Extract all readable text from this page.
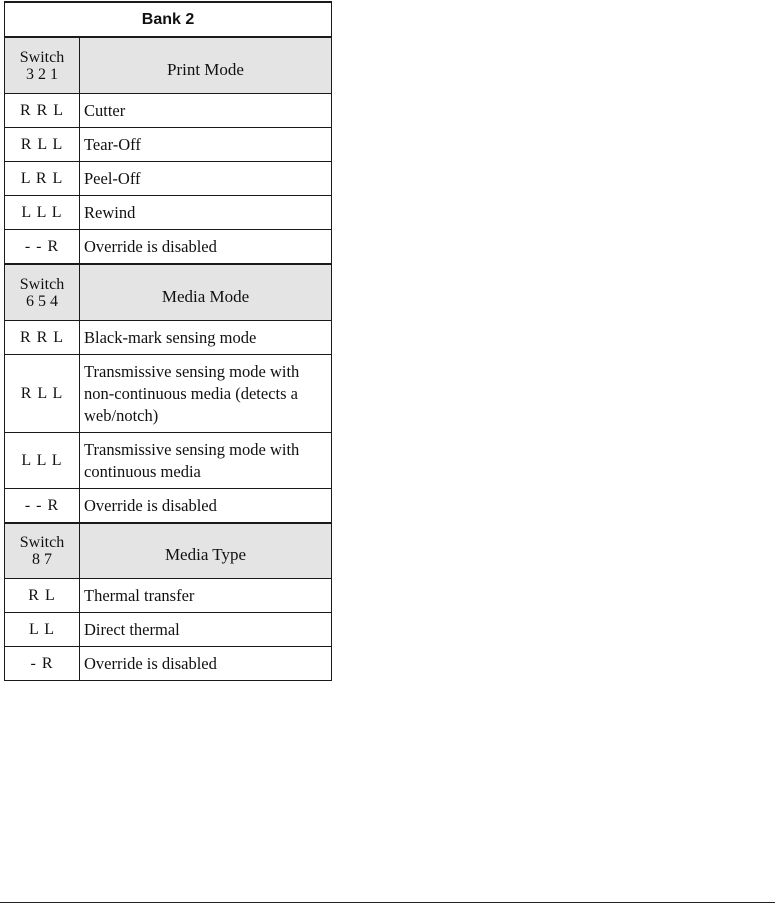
Bank 2	

Switch
3 2 1	Print Mode
R R L	Cutter
R L L	Tear-Off
L R L	Peel-Off
L L L	Rewind
- - R	Override is disabled

Switch
6 5 4	Media Mode
R R L	Black-mark sensing mode
R L L	Transmissive sensing mode with non-continuous media (detects a web/notch)
L L L	Transmissive sensing mode with continuous media
- - R	Override is disabled

Switch
8 7	Media Type
R L	Thermal transfer
L L	Direct thermal
- R	Override is disabled
